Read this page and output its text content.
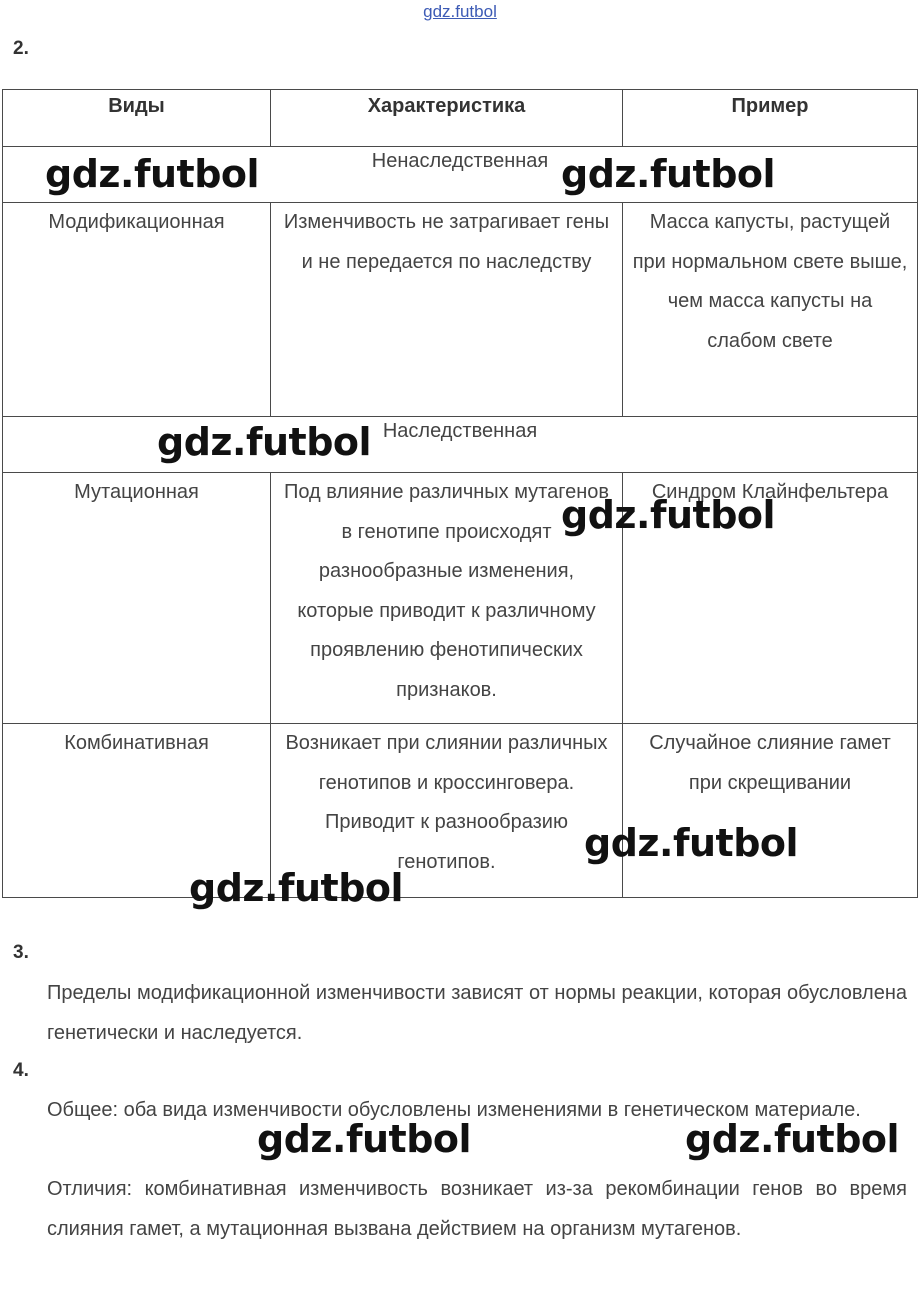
gdz.futbol
2.
Виды	Характеристика	Пример
Ненаследственная		
Модификационная	Изменчивость не затрагивает гены и не передается по наследству	Масса капусты, растущей при нормальном свете выше, чем масса капусты на слабом свете
Наследственная		
Мутационная	Под влияние различных мутагенов в генотипе происходят разнообразные изменения, которые приводит к различному проявлению фенотипических признаков.	Синдром Клайнфельтера
Комбинативная	Возникает при слиянии различных генотипов и кроссинговера. Приводит к разнообразию генотипов.	Случайное слияние гамет при скрещивании
3.
Пределы модификационной изменчивости зависят от нормы реакции, которая обусловлена генетически и наследуется.
4.
Общее: оба вида изменчивости обусловлены изменениями в генетическом материале.
Отличия: комбинативная изменчивость возникает из-за рекомбинации генов во время слияния гамет, а мутационная вызвана действием на организм мутагенов.
gdz.futbol	gdz.futbol
gdz.futbol
gdz.futbol
gdz.futbol
gdz.futbol
gdz.futbol	gdz.futbol
